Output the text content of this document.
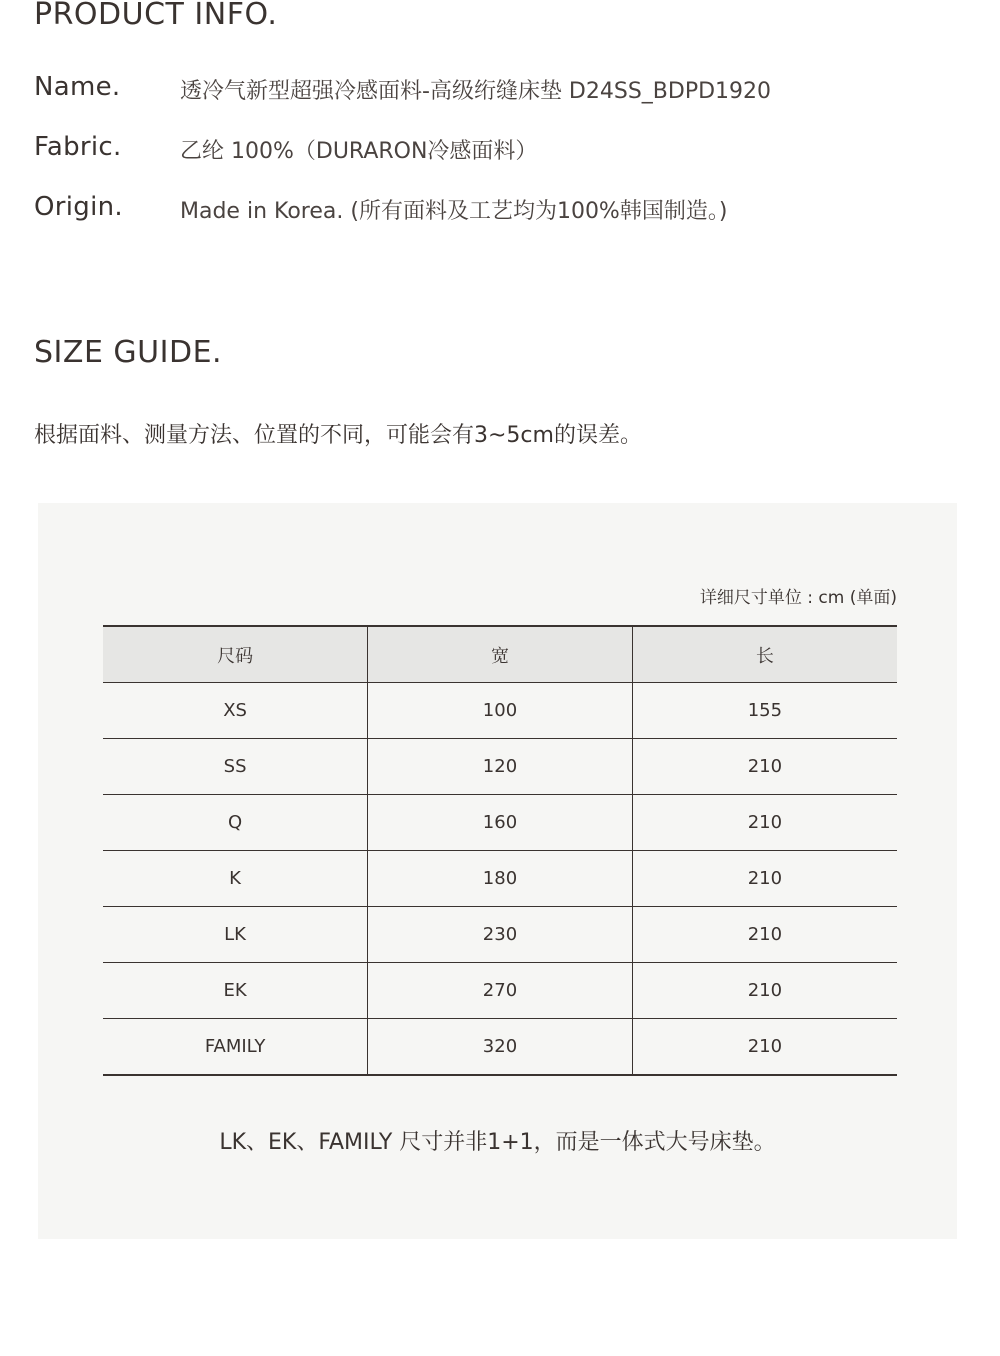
PRODUCT INFO.
Name.	透冷气新型超强冷感面料-高级绗缝床垫 D24SS_BDPD1920
Fabric.	乙纶 100%（DURARON冷感面料）
Origin.	Made in Korea. (所有面料及工艺均为100%韩国制造。)
SIZE GUIDE.
根据面料、测量方法、位置的不同，可能会有3~5cm的误差。
详细尺寸单位 : cm (单面)
尺码	宽	长
XS	100	155
SS	120	210
Q	160	210
K	180	210
LK	230	210
EK	270	210
FAMILY	320	210
LK、EK、FAMILY 尺寸并非1+1，而是一体式大号床垫。
